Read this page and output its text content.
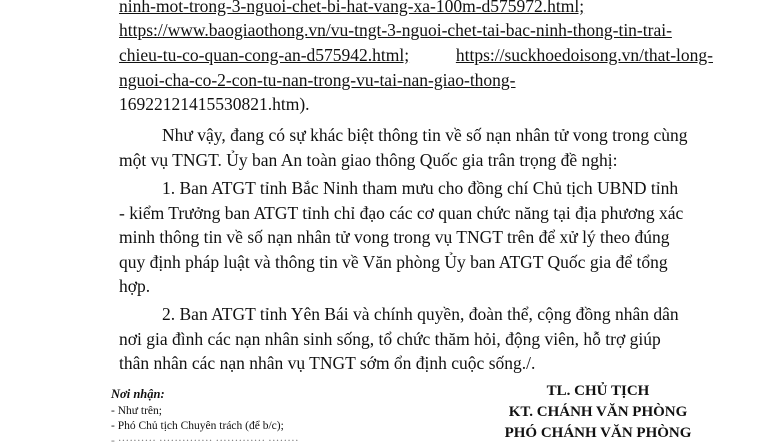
ninh-mot-trong-3-nguoi-chet-bi-hat-vang-xa-100m-d575972.html;
https://www.baogiaothong.vn/vu-tngt-3-nguoi-chet-tai-bac-ninh-thong-tin-trai-
chieu-tu-co-quan-cong-an-d575942.html;	https://suckhoedoisong.vn/that-long-
nguoi-cha-co-2-con-tu-nan-trong-vu-tai-nan-giao-thong-
169221214155308​21.htm).
Như vậy, đang có sự khác biệt thông tin về số nạn nhân tử vong trong cùng
một vụ TNGT. Ủy ban An toàn giao thông Quốc gia trân trọng đề nghị:
1. Ban ATGT tỉnh Bắc Ninh tham mưu cho đồng chí Chủ tịch UBND tỉnh
- kiểm Trưởng ban ATGT tỉnh chỉ đạo các cơ quan chức năng tại địa phương xác
minh thông tin về số nạn nhân tử vong trong vụ TNGT trên để xử lý theo đúng
quy định pháp luật và thông tin về Văn phòng Ủy ban ATGT Quốc gia để tổng
hợp.
2. Ban ATGT tỉnh Yên Bái và chính quyền, đoàn thể, cộng đồng nhân dân
nơi gia đình các nạn nhân sinh sống, tổ chức thăm hỏi, động viên, hỗ trợ giúp
thân nhân các nạn nhân vụ TNGT sớm ổn định cuộc sống./.
Nơi nhận:
- Như trên;
- Phó Chủ tịch Chuyên trách (để b/c);
- ·········· ·············· ············· ········
TL. CHỦ TỊCH
KT. CHÁNH VĂN PHÒNG
PHÓ CHÁNH VĂN PHÒNG
